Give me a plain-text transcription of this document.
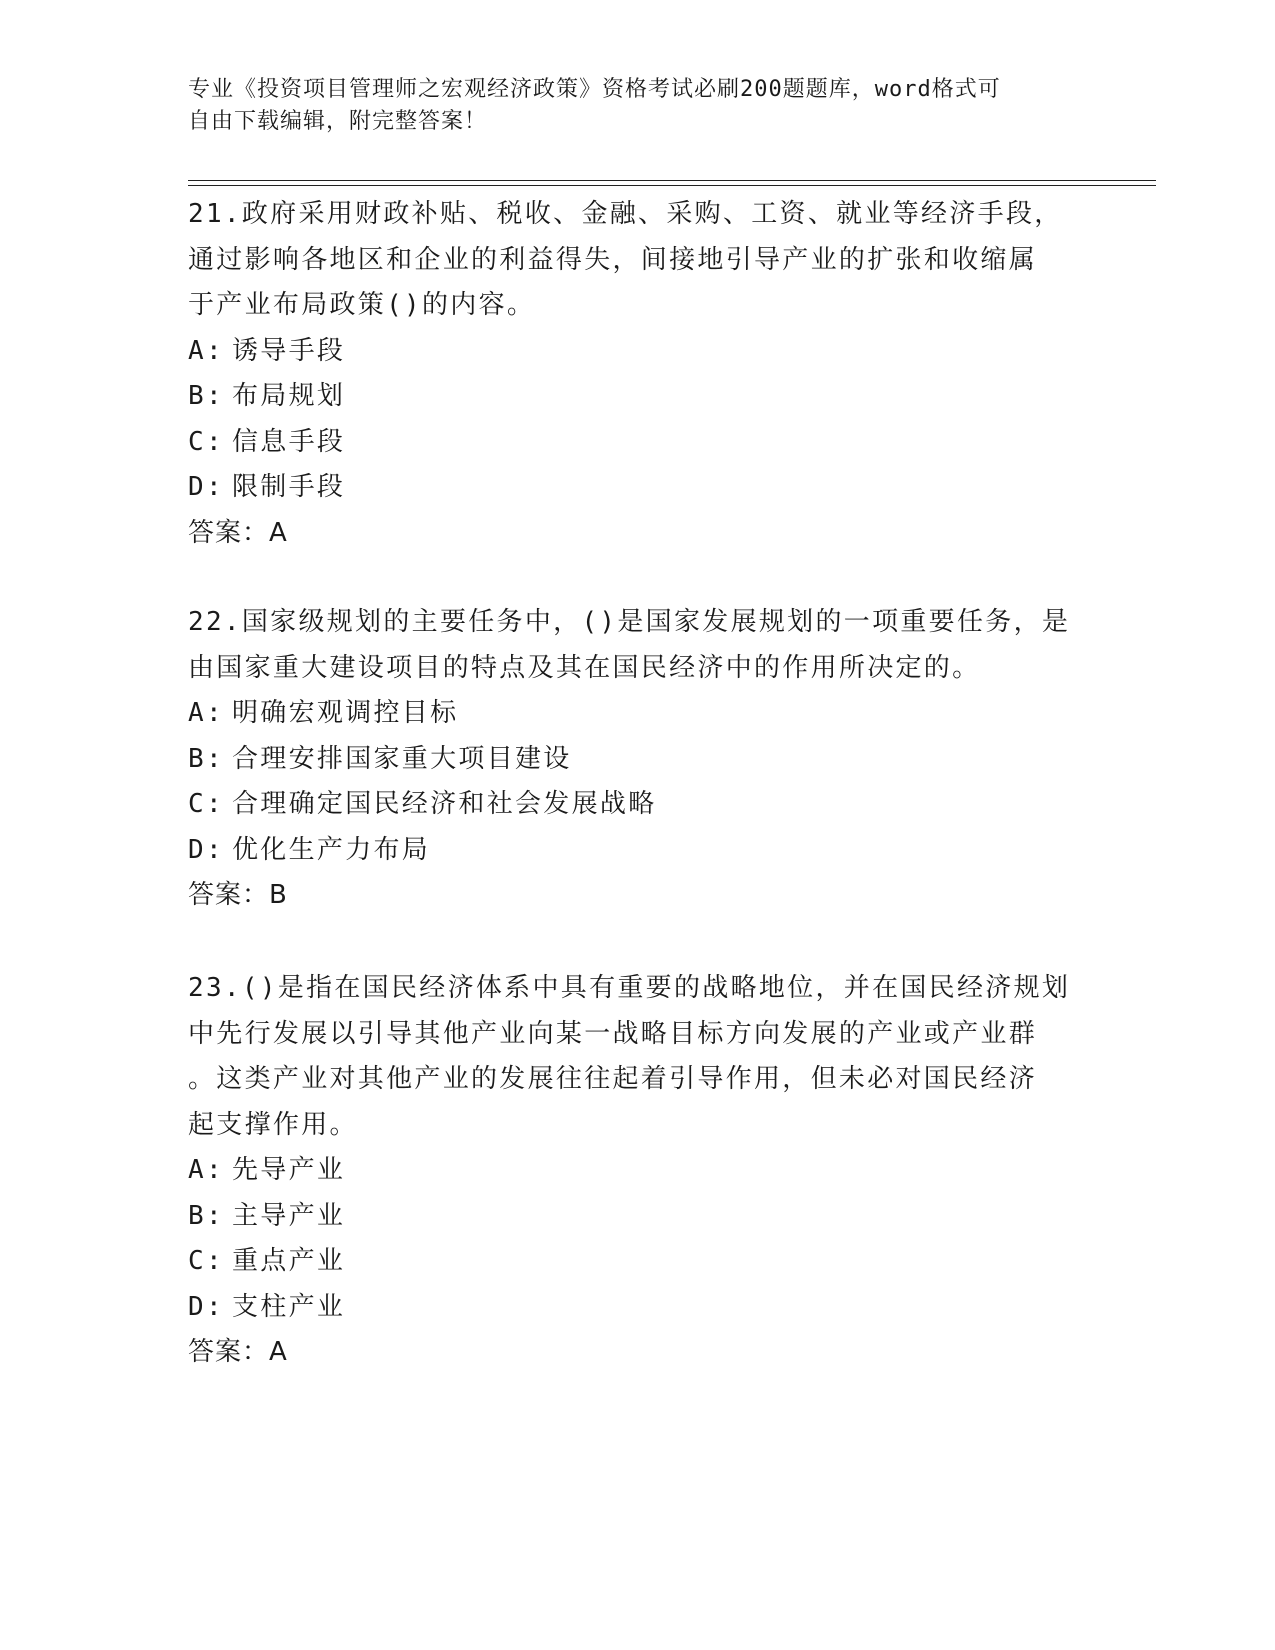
专业《投资项目管理师之宏观经济政策》资格考试必刷200题题库，word格式可
自由下载编辑，附完整答案！

21.政府采用财政补贴、税收、金融、采购、工资、就业等经济手段，

通过影响各地区和企业的利益得失，间接地引导产业的扩张和收缩属

于产业布局政策()的内容。

A: 诱导手段

B: 布局规划

C: 信息手段

D: 限制手段

答案：A

22.国家级规划的主要任务中，()是国家发展规划的一项重要任务，是

由国家重大建设项目的特点及其在国民经济中的作用所决定的。

A: 明确宏观调控目标

B: 合理安排国家重大项目建设

C: 合理确定国民经济和社会发展战略

D: 优化生产力布局

答案：B

23.()是指在国民经济体系中具有重要的战略地位，并在国民经济规划

中先行发展以引导其他产业向某一战略目标方向发展的产业或产业群

。这类产业对其他产业的发展往往起着引导作用，但未必对国民经济

起支撑作用。

A: 先导产业

B: 主导产业

C: 重点产业

D: 支柱产业

答案：A
